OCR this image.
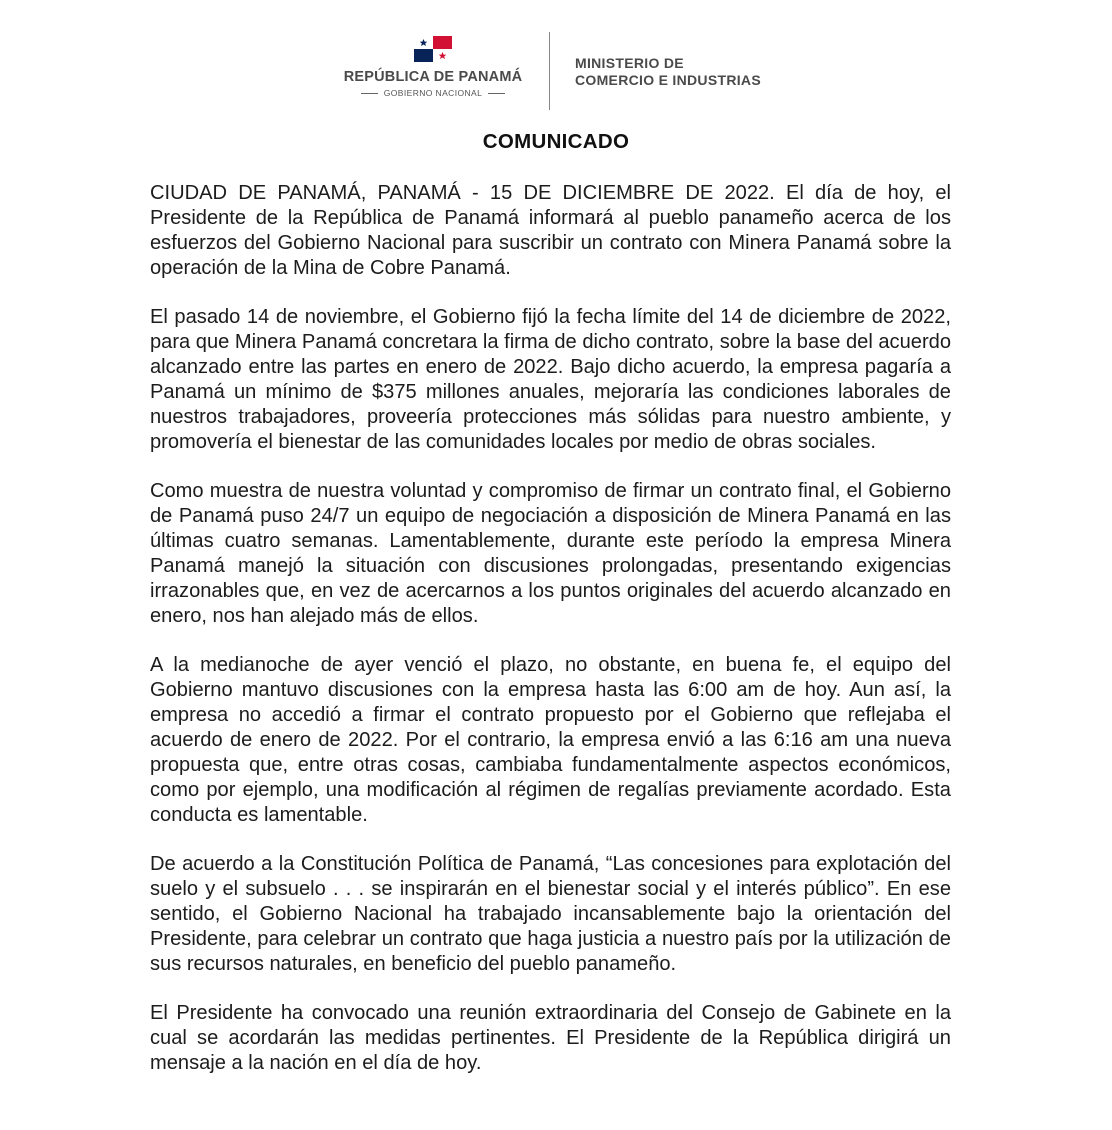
REPÚBLICA DE PANAMÁ
GOBIERNO NACIONAL
MINISTERIO DE
COMERCIO E INDUSTRIAS
COMUNICADO

CIUDAD DE PANAMÁ, PANAMÁ - 15 DE DICIEMBRE DE 2022. El día de hoy, el Presidente de la República de Panamá informará al pueblo panameño acerca de los esfuerzos del Gobierno Nacional para suscribir un contrato con Minera Panamá sobre la operación de la Mina de Cobre Panamá.

El pasado 14 de noviembre, el Gobierno fijó la fecha límite del 14 de diciembre de 2022, para que Minera Panamá concretara la firma de dicho contrato, sobre la base del acuerdo alcanzado entre las partes en enero de 2022. Bajo dicho acuerdo, la empresa pagaría a Panamá un mínimo de $375 millones anuales, mejoraría las condiciones laborales de nuestros trabajadores, proveería protecciones más sólidas para nuestro ambiente, y promovería el bienestar de las comunidades locales por medio de obras sociales.

Como muestra de nuestra voluntad y compromiso de firmar un contrato final, el Gobierno de Panamá puso 24/7 un equipo de negociación a disposición de Minera Panamá en las últimas cuatro semanas. Lamentablemente, durante este período la empresa Minera Panamá manejó la situación con discusiones prolongadas, presentando exigencias irrazonables que, en vez de acercarnos a los puntos originales del acuerdo alcanzado en enero, nos han alejado más de ellos.

A la medianoche de ayer venció el plazo, no obstante, en buena fe, el equipo del Gobierno mantuvo discusiones con la empresa hasta las 6:00 am de hoy. Aun así, la empresa no accedió a firmar el contrato propuesto por el Gobierno que reflejaba el acuerdo de enero de 2022. Por el contrario, la empresa envió a las 6:16 am una nueva propuesta que, entre otras cosas, cambiaba fundamentalmente aspectos económicos, como por ejemplo, una modificación al régimen de regalías previamente acordado. Esta conducta es lamentable.

De acuerdo a la Constitución Política de Panamá, “Las concesiones para explotación del suelo y el subsuelo . . . se inspirarán en el bienestar social y el interés público”. En ese sentido, el Gobierno Nacional ha trabajado incansablemente bajo la orientación del Presidente, para celebrar un contrato que haga justicia a nuestro país por la utilización de sus recursos naturales, en beneficio del pueblo panameño.

El Presidente ha convocado una reunión extraordinaria del Consejo de Gabinete en la cual se acordarán las medidas pertinentes. El Presidente de la República dirigirá un mensaje a la nación en el día de hoy.
